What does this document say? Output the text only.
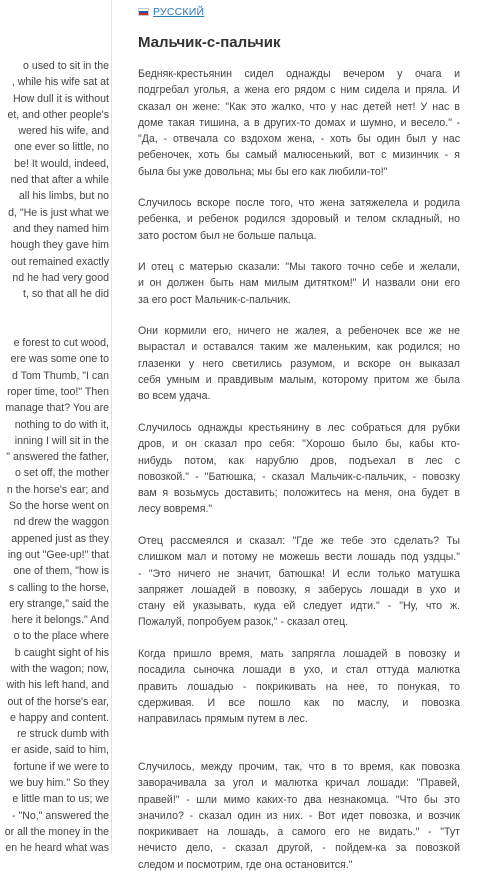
o used to sit in the
, while his wife sat at
How dull it is without
et, and other people's
wered his wife, and
one ever so little, no
be! It would, indeed,
ned that after a while
all his limbs, but no
d, "He is just what we
and they named him
hough they gave him
out remained exactly
nd he had very good
t, so that all he did
e forest to cut wood,
ere was some one to
d Tom Thumb, "I can
roper time, too!" Then
manage that? You are
nothing to do with it,
inning I will sit in the
" answered the father,
o set off, the mother
n the horse's ear; and
So the horse went on
nd drew the waggon
appened just as they
ing out "Gee-up!" that
one of them, "how is
s calling to the horse,
ery strange," said the
here it belongs." And
o to the place where
b caught sight of his
with the wagon; now,
with his left hand, and
out of the horse's ear,
e happy and content.
re struck dumb with
er aside, said to him,
fortune if we were to
we buy him." So they
e little man to us; we
- "No," answered the
or all the money in the
en he heard what was
РУССКИЙ
Мальчик-с-пальчик
Бедняк-крестьянин сидел однажды вечером у очага и
подгребал уголья, а жена его рядом с ним сидела и пряла. И
сказал он жене: "Как это жалко, что у нас детей нет! У нас в
доме такая тишина, а в других-то домах и шумно, и весело." -
"Да, - отвечала со вздохом жена, - хоть бы один был у нас
ребеночек, хоть бы самый малюсенький, вот с мизинчик - я
была бы уже довольна; мы бы его как любили-то!"
Случилось вскоре после того, что жена затяжелела и родила
ребенка, и ребенок родился здоровый и телом складный, но
зато ростом был не больше пальца.
И отец с матерью сказали: "Мы такого точно себе и желали,
и он должен быть нам милым дитятком!" И назвали они его
за его рост Мальчик-с-пальчик.
Они кормили его, ничего не жалея, а ребеночек все же не
вырастал и оставался таким же маленьким, как родился; но
глазенки у него светились разумом, и вскоре он выказал
себя умным и правдивым малым, которому притом же была
во всем удача.
Случилось однажды крестьянину в лес собраться для рубки
дров, и он сказал про себя: "Хорошо было бы, кабы кто-
нибудь потом, как нарублю дров, подъехал в лес с
повозкой." - "Батюшка, - сказал Мальчик-с-пальчик, - повозку
вам я возьмусь доставить; положитесь на меня, она будет в
лесу вовремя."
Отец рассмеялся и сказал: "Где же тебе это сделать? Ты
слишком мал и потому не можешь вести лошадь под уздцы."
- "Это ничего не значит, батюшка! И если только матушка
запряжет лошадей в повозку, я заберусь лошади в ухо и
стану ей указывать, куда ей следует идти." - "Ну, что ж.
Пожалуй, попробуем разок," - сказал отец.
Когда пришло время, мать запрягла лошадей в повозку и
посадила сыночка лошади в ухо, и стал оттуда малютка
править лошадью - покрикивать на нее, то понукая, то
сдерживая. И все пошло как по маслу, и повозка
направилась прямым путем в лес.
Случилось, между прочим, так, что в то время, как повозка
заворачивала за угол и малютка кричал лошади: "Правей,
правей!" - шли мимо каких-то два незнакомца. "Что бы это
значило? - сказал один из них. - Вот идет повозка, и возчик
покрикивает на лошадь, а самого его не видать." - "Тут
нечисто дело, - сказал другой, - пойдем-ка за повозкой
следом и посмотрим, где она остановится."
